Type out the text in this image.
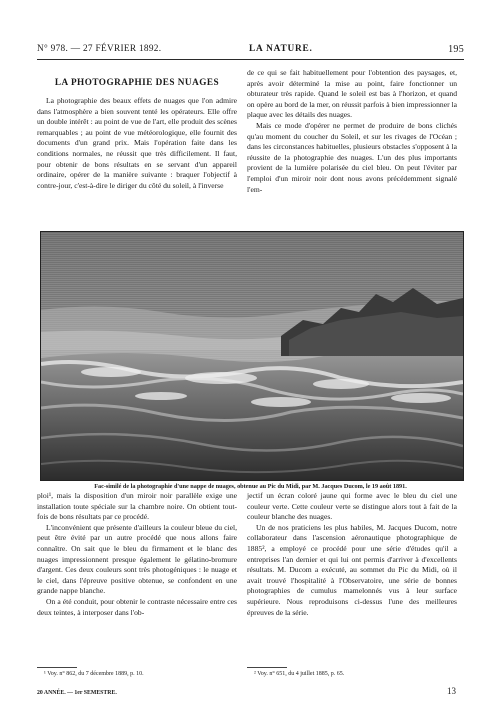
N° 978. — 27 FÉVRIER 1892.	LA NATURE.	195
LA PHOTOGRAPHIE DES NUAGES

La photographie des beaux effets de nuages que l'on admire dans l'atmosphère a bien souvent tenté les opérateurs. Elle offre un double intérêt : au point de vue de l'art, elle produit des scènes remarquables ; au point de vue météorologique, elle fournit des documents d'un grand prix. Mais l'opération faite dans les conditions normales, ne réussit que très difficilement. Il faut, pour obtenir de bons résultats en se servant d'un appareil ordinaire, opérer de la manière suivante : braquer l'objectif à contre-jour, c'est-à-dire le diriger du côté du soleil, à l'inverse

de ce qui se fait habituellement pour l'obtention des paysages, et, après avoir déterminé la mise au point, faire fonctionner un obturateur très rapide. Quand le soleil est bas à l'horizon, et quand on opère au bord de la mer, on réussit parfois à bien impressionner la plaque avec les détails des nuages.

Mais ce mode d'opérer ne permet de produire de bons clichés qu'au moment du coucher du Soleil, et sur les rivages de l'Océan ; dans les circonstances habituelles, plusieurs obstacles s'opposent à la réussite de la photographie des nuages. L'un des plus importants provient de la lumière polarisée du ciel bleu. On peut l'éviter par l'emploi d'un miroir noir dont nous avons précédemment signalé l'em-

Fac-similé de la photographie d'une nappe de nuages, obtenue au Pic du Midi, par M. Jacques Ducom, le 19 août 1891.

ploi¹, mais la disposition d'un miroir noir parallèle exige une installation toute spéciale sur la chambre noire. On obtient tout-fois de bons résultats par ce procédé.

L'inconvénient que présente d'ailleurs la couleur bleue du ciel, peut être évité par un autre procédé que nous allons faire connaître. On sait que le bleu du firmament et le blanc des nuages impressionnent presque également le gélatino-bromure d'argent. Ces deux couleurs sont très photogéniques : le nuage et le ciel, dans l'épreuve positive obtenue, se confondent en une grande nappe blanche.

On a été conduit, pour obtenir le contraste nécessaire entre ces deux teintes, à interposer dans l'ob-

jectif un écran coloré jaune qui forme avec le bleu du ciel une couleur verte. Cette couleur verte se distingue alors tout à fait de la couleur blanche des nuages.

Un de nos praticiens les plus habiles, M. Jacques Ducom, notre collaborateur dans l'ascension aéronautique photographique de 1885², a employé ce procédé pour une série d'études qu'il a entreprises l'an dernier et qui lui ont permis d'arriver à d'excellents résultats. M. Ducom a exécuté, au sommet du Pic du Midi, où il avait trouvé l'hospitalité à l'Observatoire, une série de bonnes photographies de cumulus mamelonnés vus à leur surface supérieure. Nous reproduisons ci-dessus l'une des meilleures épreuves de la série.

¹ Voy. n° 862, du 7 décembre 1889, p. 10.	² Voy. n° 651, du 4 juillet 1885, p. 65.
20 ANNÉE. — 1er SEMESTRE.	13
